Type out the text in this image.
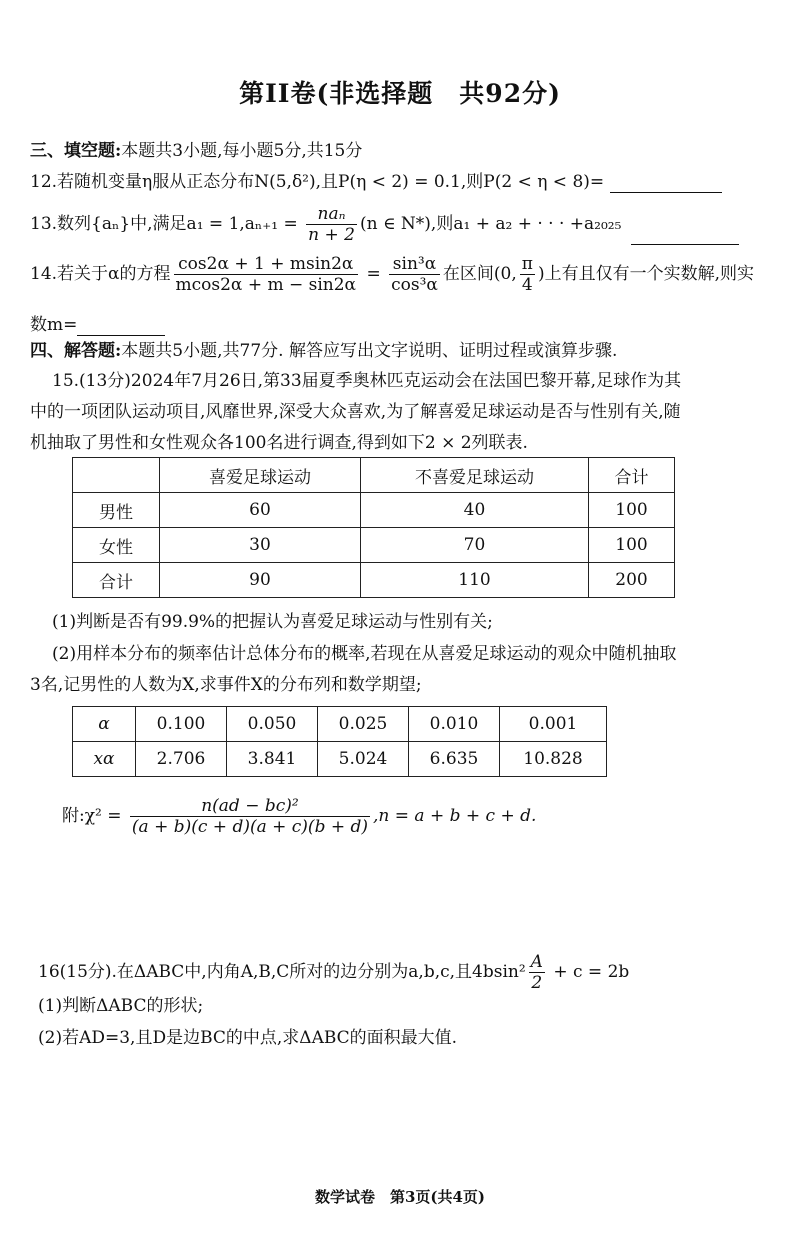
第II卷(非选择题　共92分)
三、填空题:本题共3小题,每小题5分,共15分
12.若随机变量η服从正态分布N(5,δ²),且P(η < 2) = 0.1,则P(2 < η < 8)=
13.数列{aₙ}中,满足$a_1 = 1,a_{n+1} = \frac{\text{naₙ}}{n + 2} (n$ ∈ N*),则a₁ + a₂ + · · · +a₂₀₂₅
14.若关于α的方程 $\frac{\cos 2\alpha + 1 + msin2\alpha}{mcos2\alpha + m - \sin 2\alpha} = \frac{\text{sin³α}}{\text{cos³α}}$ 在区间(0, $\frac{\pi}{4}$ )上有且仅有一个实数解,则实
数m=
四、解答题:本题共5小题,共77分. 解答应写出文字说明、证明过程或演算步骤.
15.(13分)2024年7月26日,第33届夏季奥林匹克运动会在法国巴黎开幕,足球作为其
中的一项团队运动项目,风靡世界,深受大众喜欢,为了解喜爱足球运动是否与性别有关,随
机抽取了男性和女性观众各100名进行调查,得到如下2 × 2列联表.
	喜爱足球运动	不喜爱足球运动	合计
男性	60	40	100
女性	30	70	100
合计	90	110	200
(1)判断是否有99.9%的把握认为喜爱足球运动与性别有关;
(2)用样本分布的频率估计总体分布的概率,若现在从喜爱足球运动的观众中随机抽取
3名,记男性的人数为X,求事件X的分布列和数学期望;
α	0.100	0.050	0.025	0.010	0.001
xα	2.706	3.841	5.024	6.635	10.828
附:χ² = $\frac{\text{n(ad − bc)²}}{(a + b)(c + d)(a + c)(b + d)} ,n = a + b + c + d$.
16(15分).在ΔABC中,内角A,B,C所对的边分别为a,b,c,且$4bsin^2 \frac{A}{2} + c = 2b$
(1)判断ΔABC的形状;
(2)若AD=3,且D是边BC的中点,求ΔABC的面积最大值.
数学试卷　第3页(共4页)
